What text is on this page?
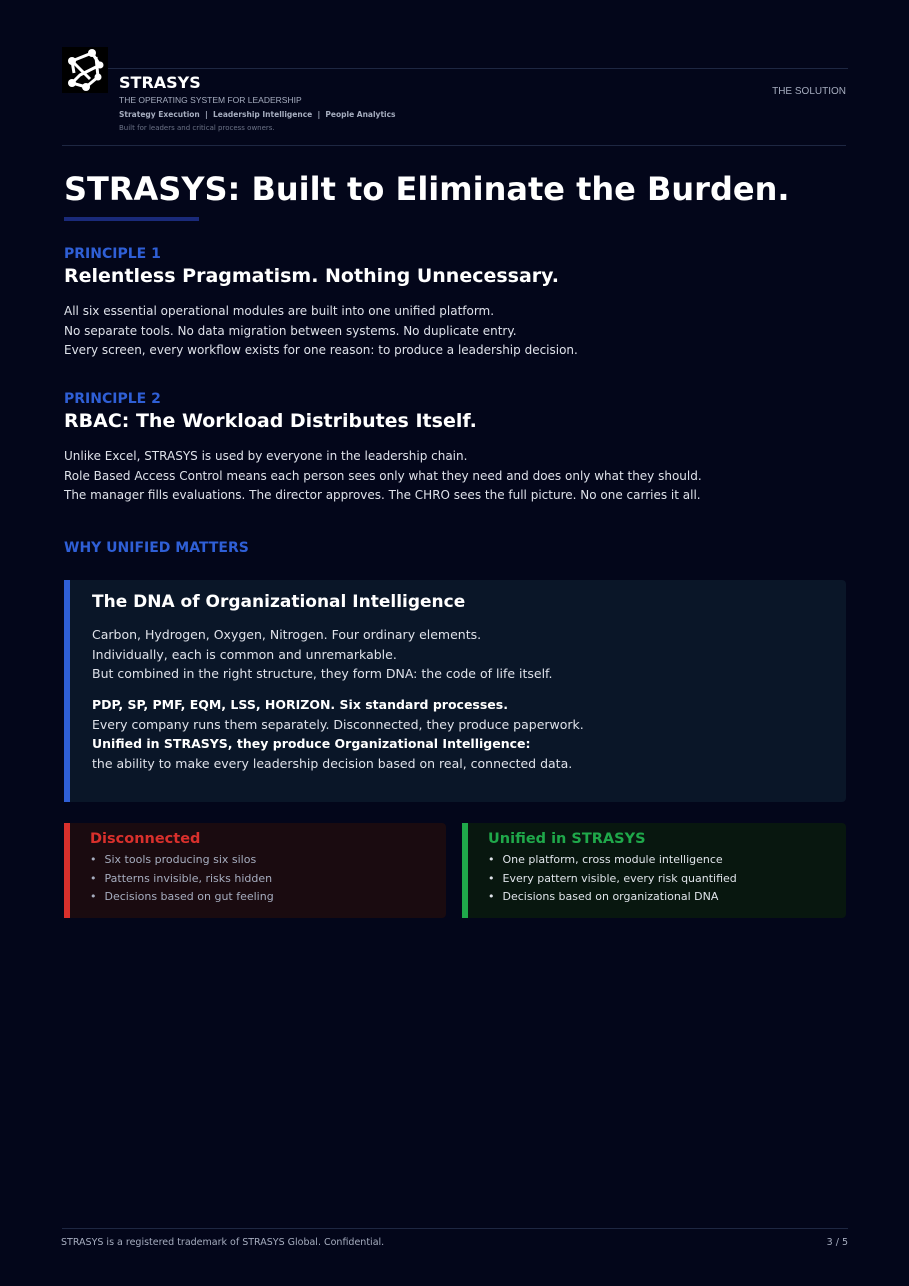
STRASYS
THE OPERATING SYSTEM FOR LEADERSHIP
Strategy Execution  |  Leadership Intelligence  |  People Analytics
Built for leaders and critical process owners.
THE SOLUTION
STRASYS: Built to Eliminate the Burden.
PRINCIPLE 1
Relentless Pragmatism. Nothing Unnecessary.
All six essential operational modules are built into one unified platform.
No separate tools. No data migration between systems. No duplicate entry.
Every screen, every workflow exists for one reason: to produce a leadership decision.
PRINCIPLE 2
RBAC: The Workload Distributes Itself.
Unlike Excel, STRASYS is used by everyone in the leadership chain.
Role Based Access Control means each person sees only what they need and does only what they should.
The manager fills evaluations. The director approves. The CHRO sees the full picture. No one carries it all.
WHY UNIFIED MATTERS
The DNA of Organizational Intelligence

Carbon, Hydrogen, Oxygen, Nitrogen. Four ordinary elements.
Individually, each is common and unremarkable.
But combined in the right structure, they form DNA: the code of life itself.

PDP, SP, PMF, EQM, LSS, HORIZON. Six standard processes.
Every company runs them separately. Disconnected, they produce paperwork.
Unified in STRASYS, they produce Organizational Intelligence:
the ability to make every leadership decision based on real, connected data.

Disconnected
• Six tools producing six silos
• Patterns invisible, risks hidden
• Decisions based on gut feeling
Unified in STRASYS
• One platform, cross module intelligence
• Every pattern visible, every risk quantified
• Decisions based on organizational DNA
STRASYS is a registered trademark of STRASYS Global. Confidential.	3 / 5
